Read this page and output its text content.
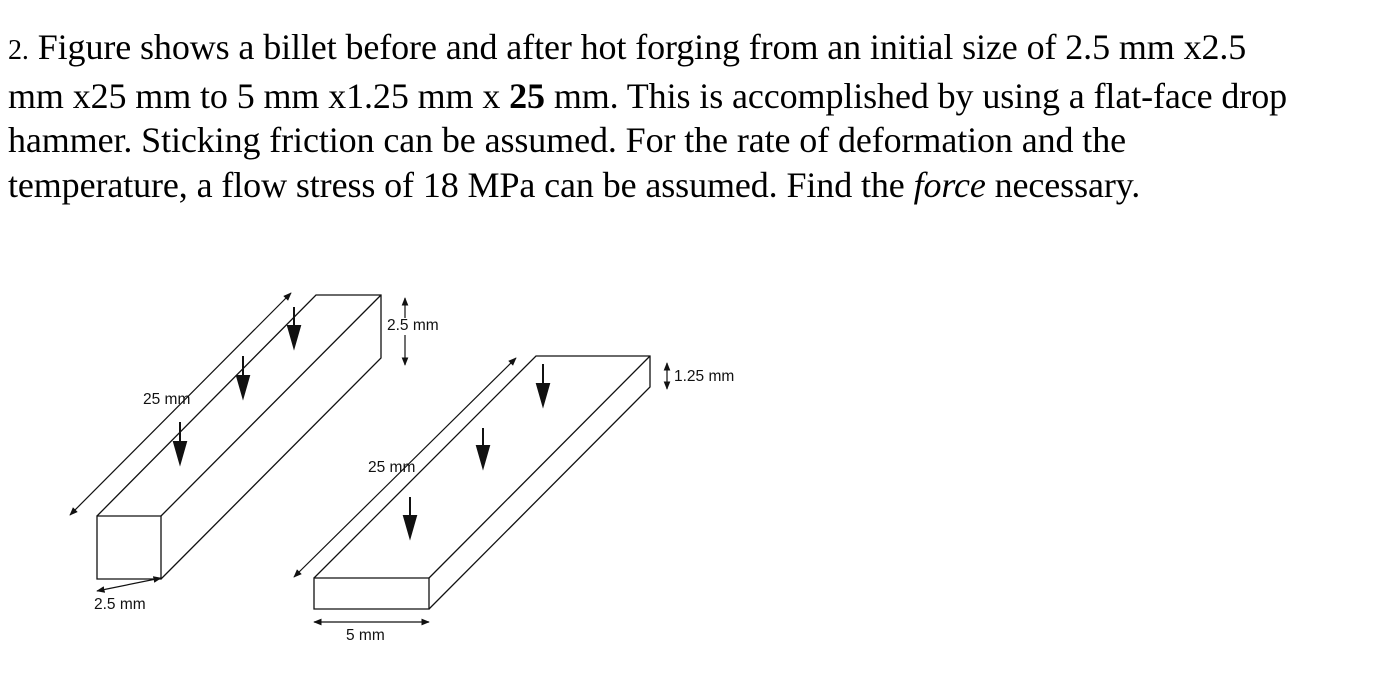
2. Figure shows a billet before and after hot forging from an initial size of 2.5 mm x2.5
mm x25 mm to 5 mm x1.25 mm x 25 mm. This is accomplished by using a flat-face drop
hammer. Sticking friction can be assumed. For the rate of deformation and the
temperature, a flow stress of 18 MPa can be assumed. Find the force necessary.
25 mm
2.5 mm
2.5 mm
25 mm
5 mm
1.25 mm
